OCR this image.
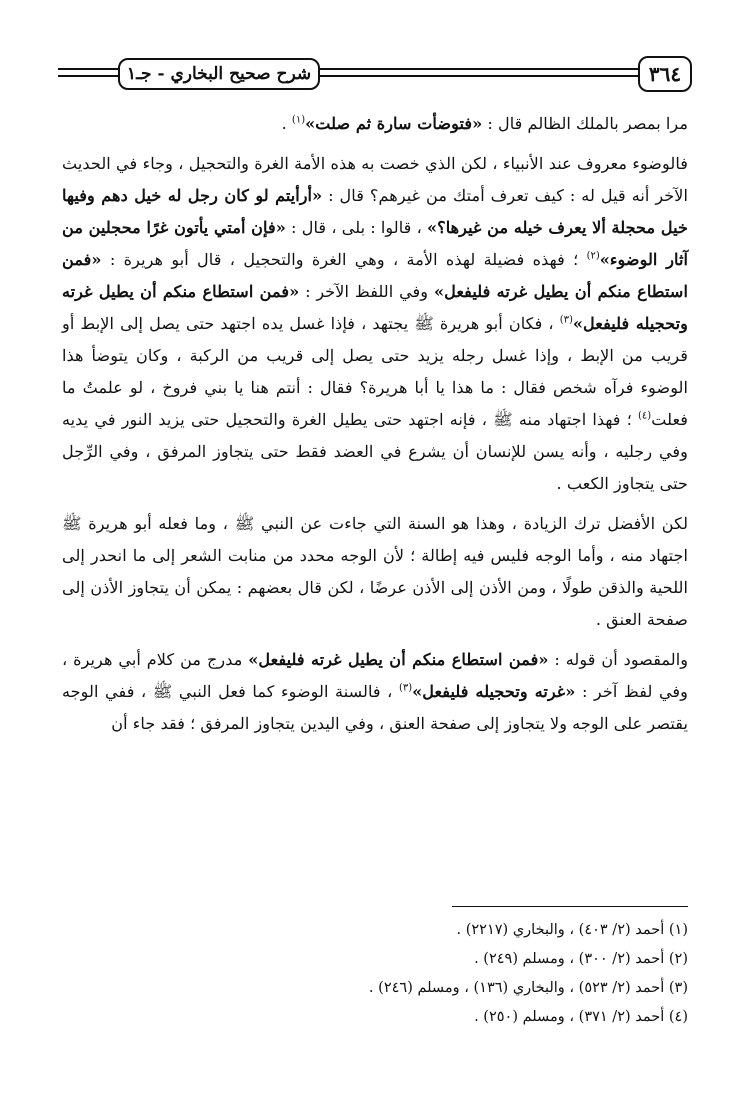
شرح صحيح البخاري - جـ١	٣٦٤

مرا بمصر بالملك الظالم قال : «فتوضأت سارة ثم صلت»$^{(١)}$ .

فالوضوء معروف عند الأنبياء ، لكن الذي خصت به هذه الأمة الغرة والتحجيل ، وجاء في الحديث الآخر أنه قيل له : كيف تعرف أمتك من غيرهم؟ قال : «أرأيتم لو كان رجل له خيل دهم وفيها خيل محجلة ألا يعرف خيله من غيرها؟» ، قالوا : بلى ، قال : «فإن أمتي يأتون غرًا محجلين من آثار الوضوء»$^{(٢)}$ ؛ فهذه فضيلة لهذه الأمة ، وهي الغرة والتحجيل ، قال أبو هريرة : «فمن استطاع منكم أن يطيل غرته فليفعل» وفي اللفظ الآخر : «فمن استطاع منكم أن يطيل غرته وتحجيله فليفعل»$^{(٣)}$ ، فكان أبو هريرة ﷺ يجتهد ، فإذا غسل يده اجتهد حتى يصل إلى الإبط أو قريب من الإبط ، وإذا غسل رجله يزيد حتى يصل إلى قريب من الركبة ، وكان يتوضأ هذا الوضوء فرآه شخص فقال : ما هذا يا أبا هريرة؟ فقال : أنتم هنا يا بني فروخ ، لو علمتُ ما فعلت$^{(٤)}$ ؛ فهذا اجتهاد منه ﷺ ، فإنه اجتهد حتى يطيل الغرة والتحجيل حتى يزيد النور في يديه وفي رجليه ، وأنه يسن للإنسان أن يشرع في العضد فقط حتى يتجاوز المرفق ، وفي الرِّجل حتى يتجاوز الكعب .

لكن الأفضل ترك الزيادة ، وهذا هو السنة التي جاءت عن النبي ﷺ ، وما فعله أبو هريرة ﷺ اجتهاد منه ، وأما الوجه فليس فيه إطالة ؛ لأن الوجه محدد من منابت الشعر إلى ما انحدر إلى اللحية والذقن طولًا ، ومن الأذن إلى الأذن عرضًا ، لكن قال بعضهم : يمكن أن يتجاوز الأذن إلى صفحة العنق .

والمقصود أن قوله : «فمن استطاع منكم أن يطيل غرته فليفعل» مدرج من كلام أبي هريرة ، وفي لفظ آخر : «غرته وتحجيله فليفعل»$^{(٣)}$ ، فالسنة الوضوء كما فعل النبي ﷺ ، ففي الوجه يقتصر على الوجه ولا يتجاوز إلى صفحة العنق ، وفي اليدين يتجاوز المرفق ؛ فقد جاء أن

(١) أحمد (٢/ ٤٠٣) ، والبخاري (٢٢١٧) .
(٢) أحمد (٢/ ٣٠٠) ، ومسلم (٢٤٩) .
(٣) أحمد (٢/ ٥٢٣) ، والبخاري (١٣٦) ، ومسلم (٢٤٦) .
(٤) أحمد (٢/ ٣٧١) ، ومسلم (٢٥٠) .
